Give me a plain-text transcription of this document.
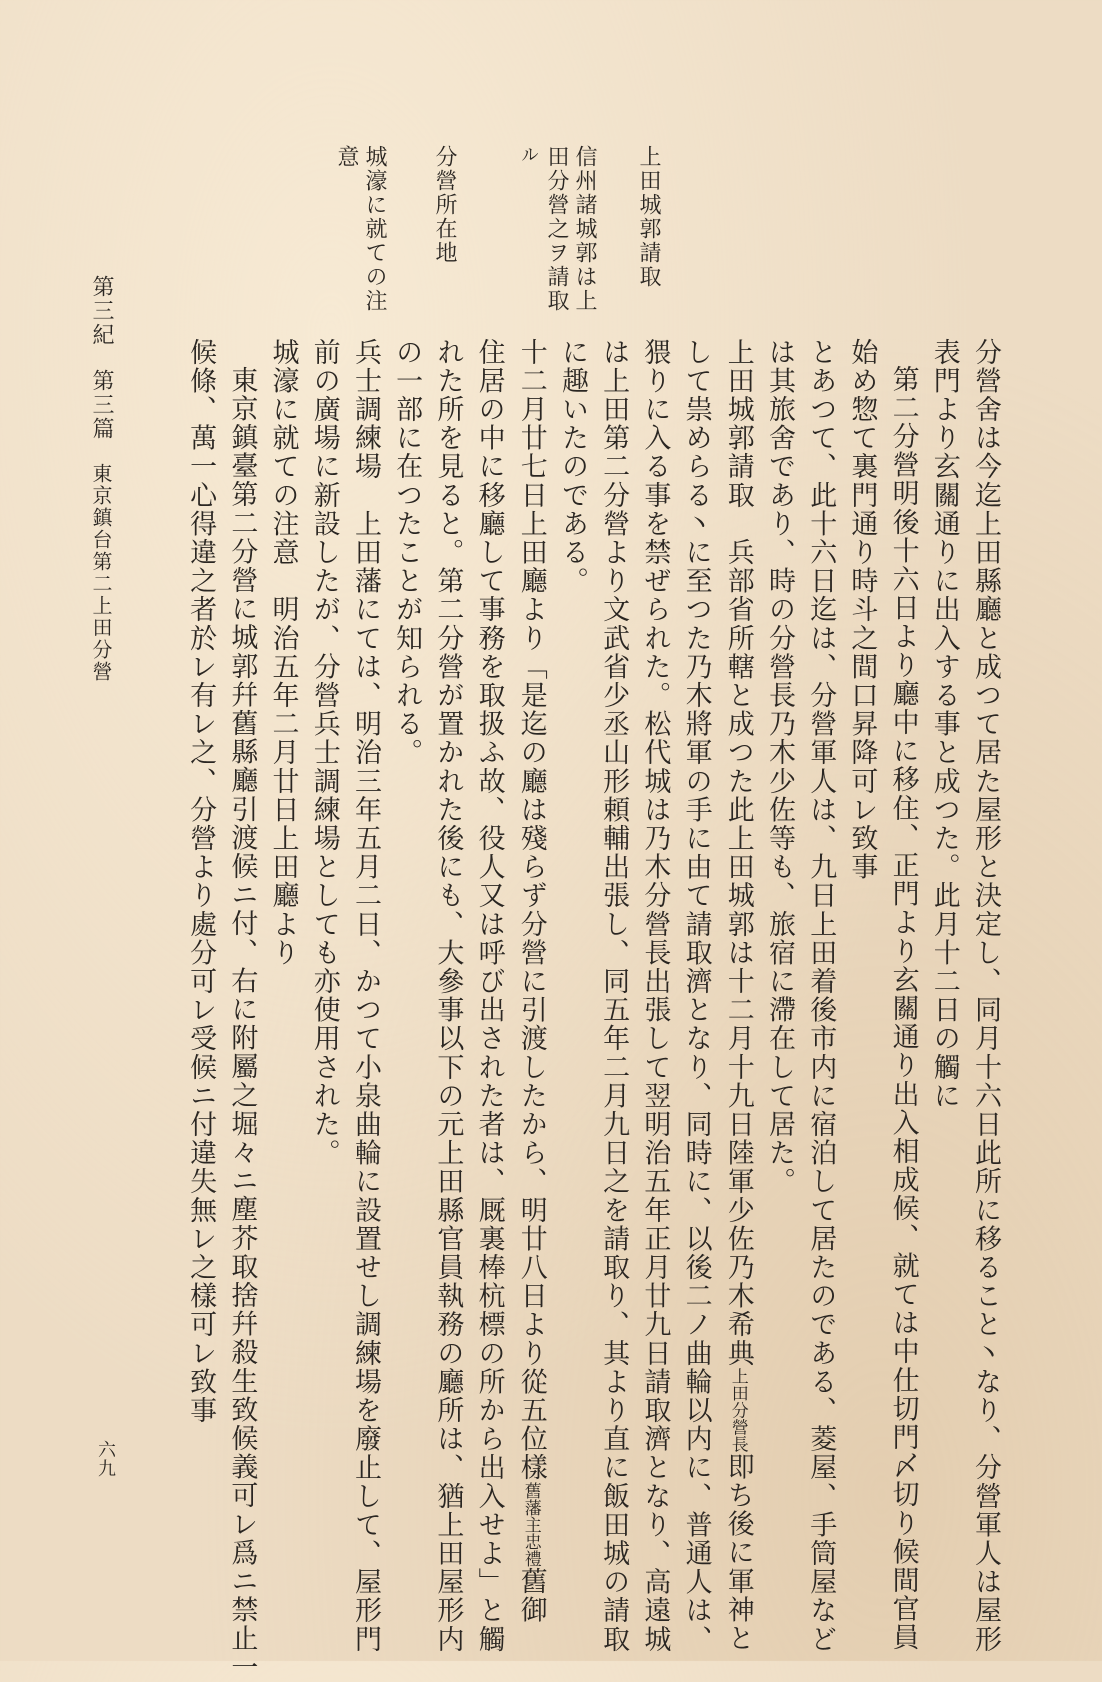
第三紀第三篇東京鎮台第二上田分營
六九
上田城郭請取
信州諸城郭は上
田分營之ヲ請取
ル
分營所在地
城濠に就ての注
意
分營舍は今迄上田縣廳と成つて居た屋形と決定し、同月十六日此所に移ること丶なり、分營軍人は屋形
表門より玄關通りに出入する事と成つた。此月十二日の觸に
第二分營明後十六日より廳中に移住、正門より玄關通り出入相成候、就ては中仕切門〆切り候間官員
始め惣て裏門通り時斗之間口昇降可レ致事
とあつて、此十六日迄は、分營軍人は、九日上田着後市内に宿泊して居たのである、菱屋、手筒屋など
は其旅舍であり、時の分營長乃木少佐等も、旅宿に滯在して居た。
上田城郭請取　兵部省所轄と成つた此上田城郭は十二月十九日陸軍少佐乃木希典上田分營長即ち後に軍神と
して祟めらる丶に至つた乃木將軍の手に由て請取濟となり、同時に、以後二ノ曲輪以内に、普通人は、
猥りに入る事を禁ぜられた。松代城は乃木分營長出張して翌明治五年正月廿九日請取濟となり、高遠城
は上田第二分營より文武省少丞山形頼輔出張し、同五年二月九日之を請取り、其より直に飯田城の請取
に趣いたのである。
十二月廿七日上田廳より「是迄の廳は殘らず分營に引渡したから、明廿八日より從五位樣舊藩主忠禮舊御
住居の中に移廳して事務を取扱ふ故、役人又は呼び出された者は、厩裏棒杭標の所から出入せよ」と觸
れた所を見ると。第二分營が置かれた後にも、大參事以下の元上田縣官員執務の廳所は、猶上田屋形内
の一部に在つたことが知られる。
兵士調練場　上田藩にては、明治三年五月二日、かつて小泉曲輪に設置せし調練場を廢止して、屋形門
前の廣場に新設したが、分營兵士調練場としても亦使用された。
城濠に就ての注意　明治五年二月廿日上田廳より
東京鎮臺第二分營に城郭幷舊縣廳引渡候ニ付、右に附屬之堀々ニ塵芥取捨幷殺生致候義可レ爲ニ禁止一
候條、萬一心得違之者於レ有レ之、分營より處分可レ受候ニ付違失無レ之樣可レ致事
